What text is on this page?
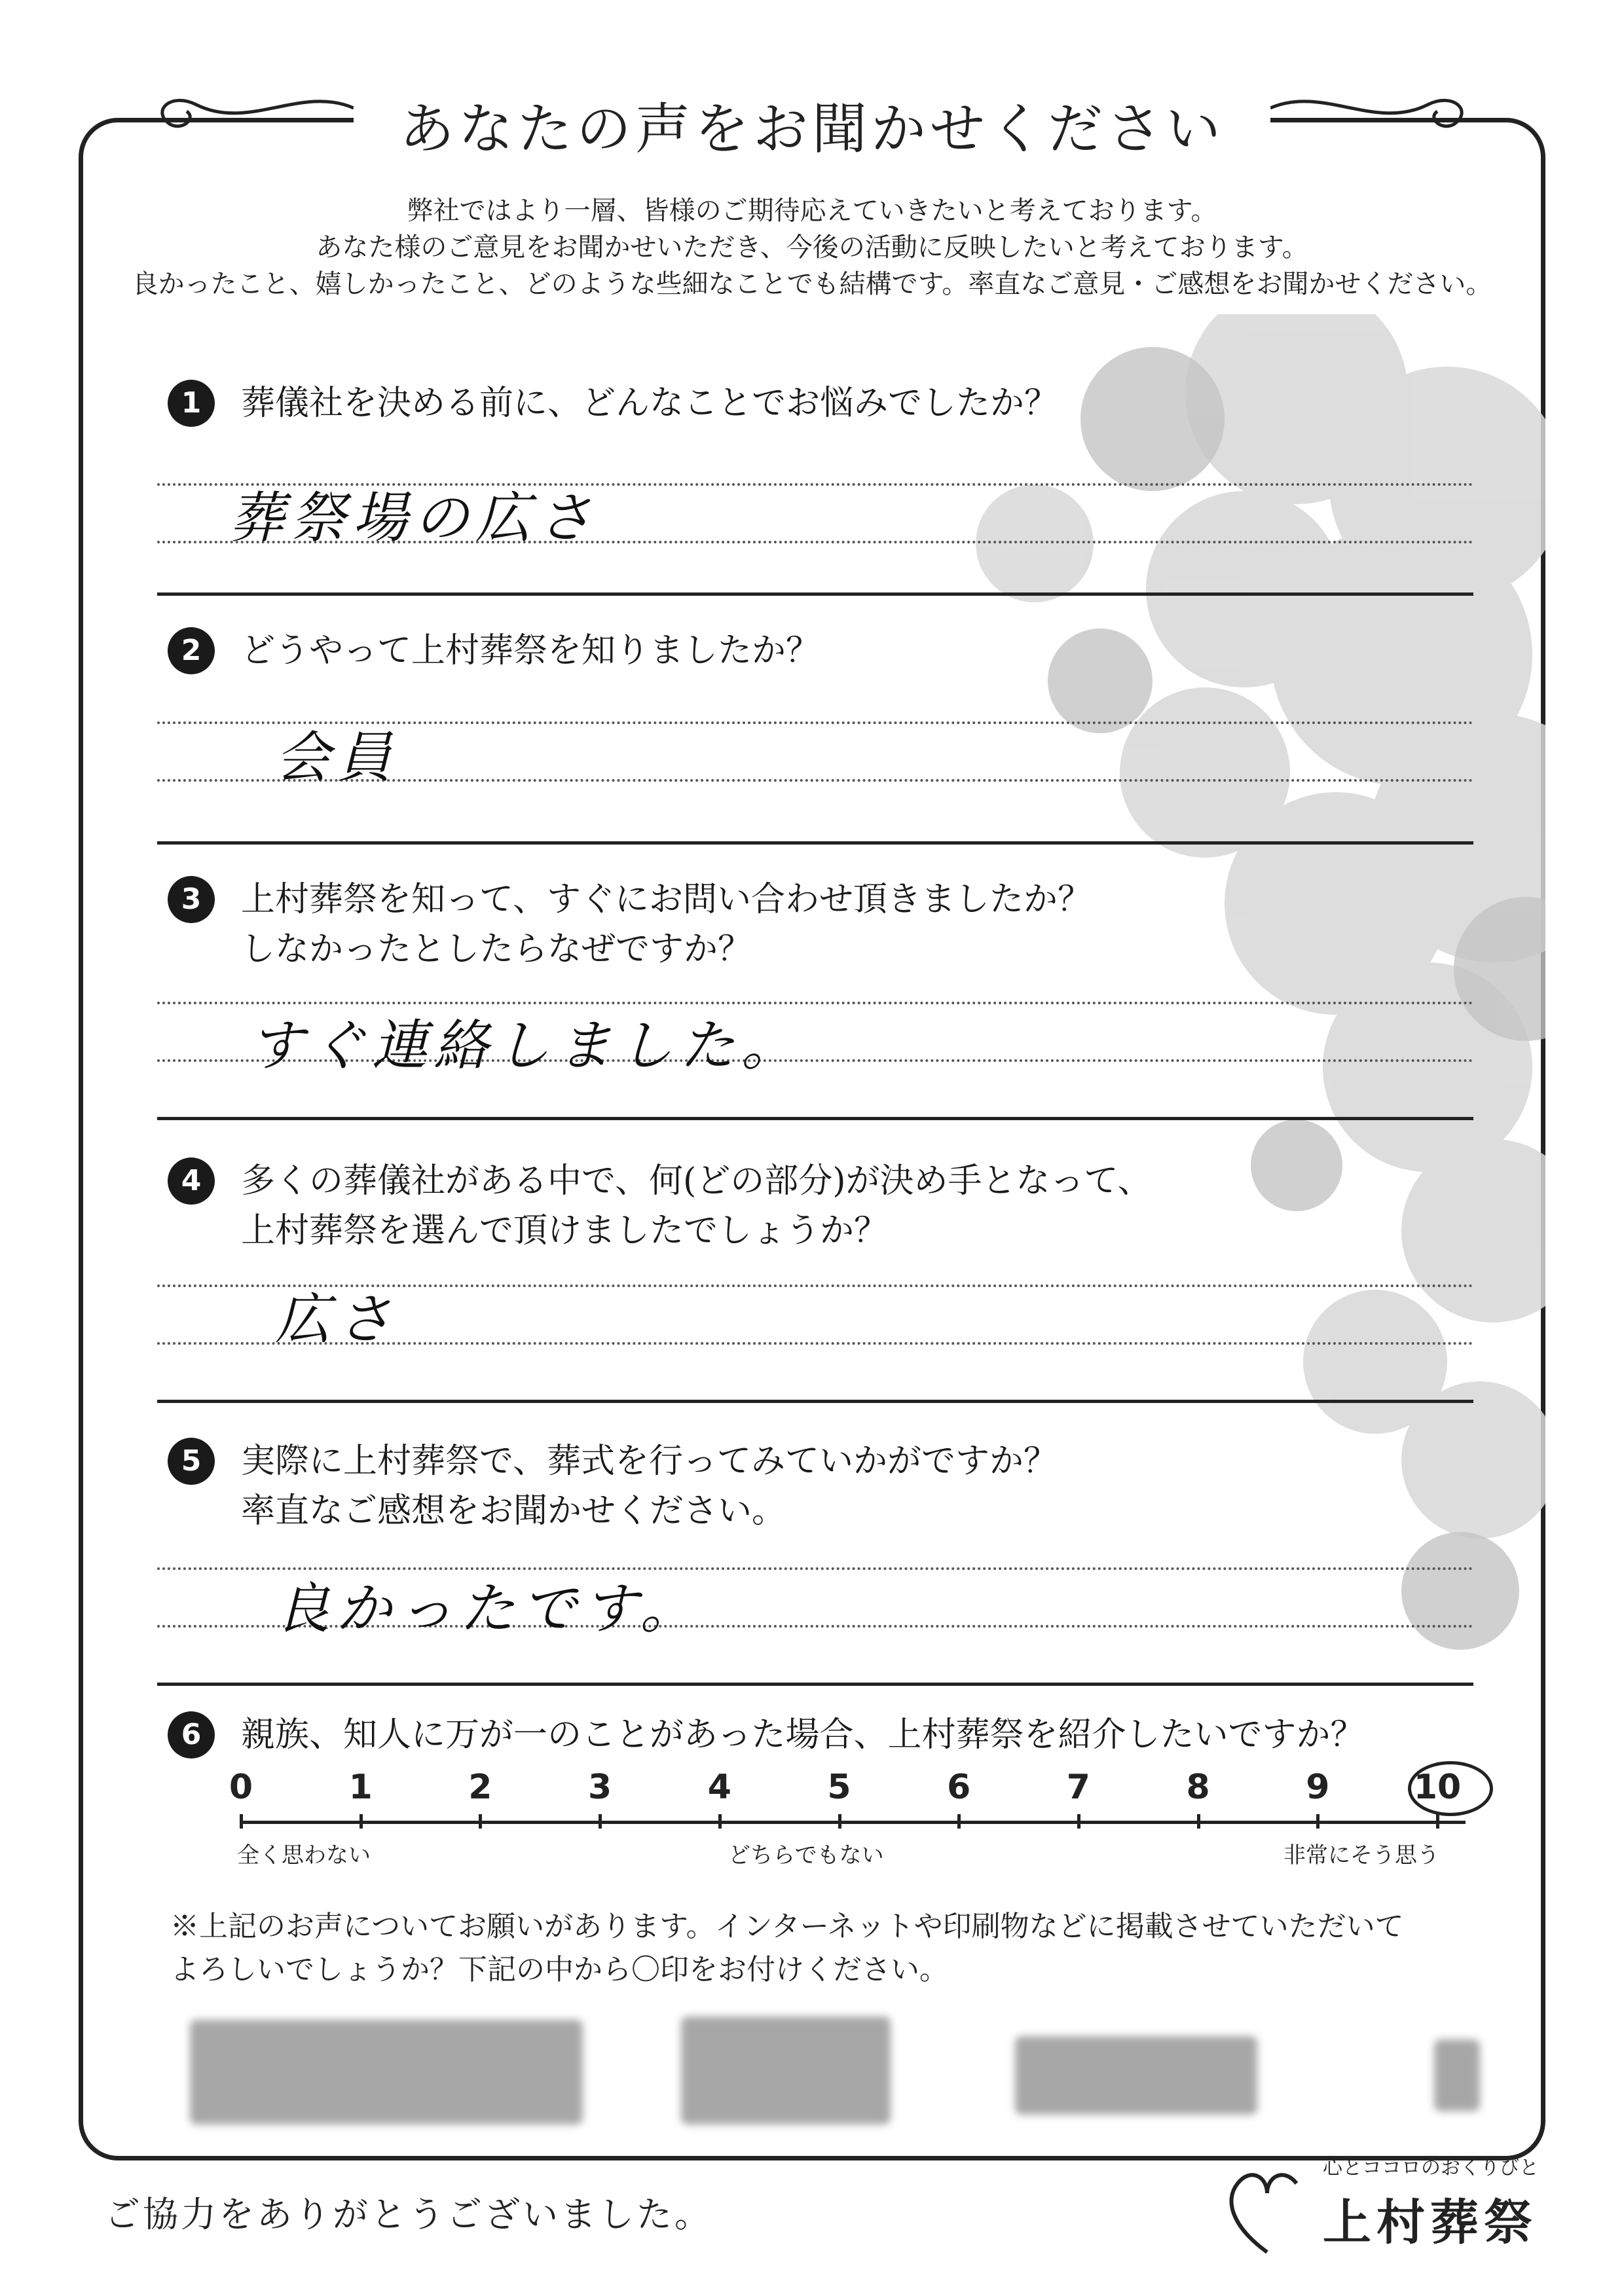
あなたの声をお聞かせください
弊社ではより一層、皆様のご期待応えていきたいと考えております。
あなた様のご意見をお聞かせいただき、今後の活動に反映したいと考えております。
良かったこと、嬉しかったこと、どのような些細なことでも結構です。率直なご意見・ご感想をお聞かせください。
1	葬儀社を決める前に、どんなことでお悩みでしたか？
葬祭場の広さ
2	どうやって上村葬祭を知りましたか？
会員
3	上村葬祭を知って、すぐにお問い合わせ頂きましたか？
しなかったとしたらなぜですか？
すぐ連絡しました。
4	多くの葬儀社がある中で、何(どの部分)が決め手となって、
上村葬祭を選んで頂けましたでしょうか？
広さ
5	実際に上村葬祭で、葬式を行ってみていかがですか？
率直なご感想をお聞かせください。
良かったです。
6	親族、知人に万が一のことがあった場合、上村葬祭を紹介したいですか？
0	1	2	3	4	5	6	7	8	9	10
全く思わない	どちらでもない	非常にそう思う
※上記のお声についてお願いがあります。インターネットや印刷物などに掲載させていただいて
よろしいでしょうか？下記の中から〇印をお付けください。
ご協力をありがとうございました。
心とココロのおくりびと
上村葬祭
